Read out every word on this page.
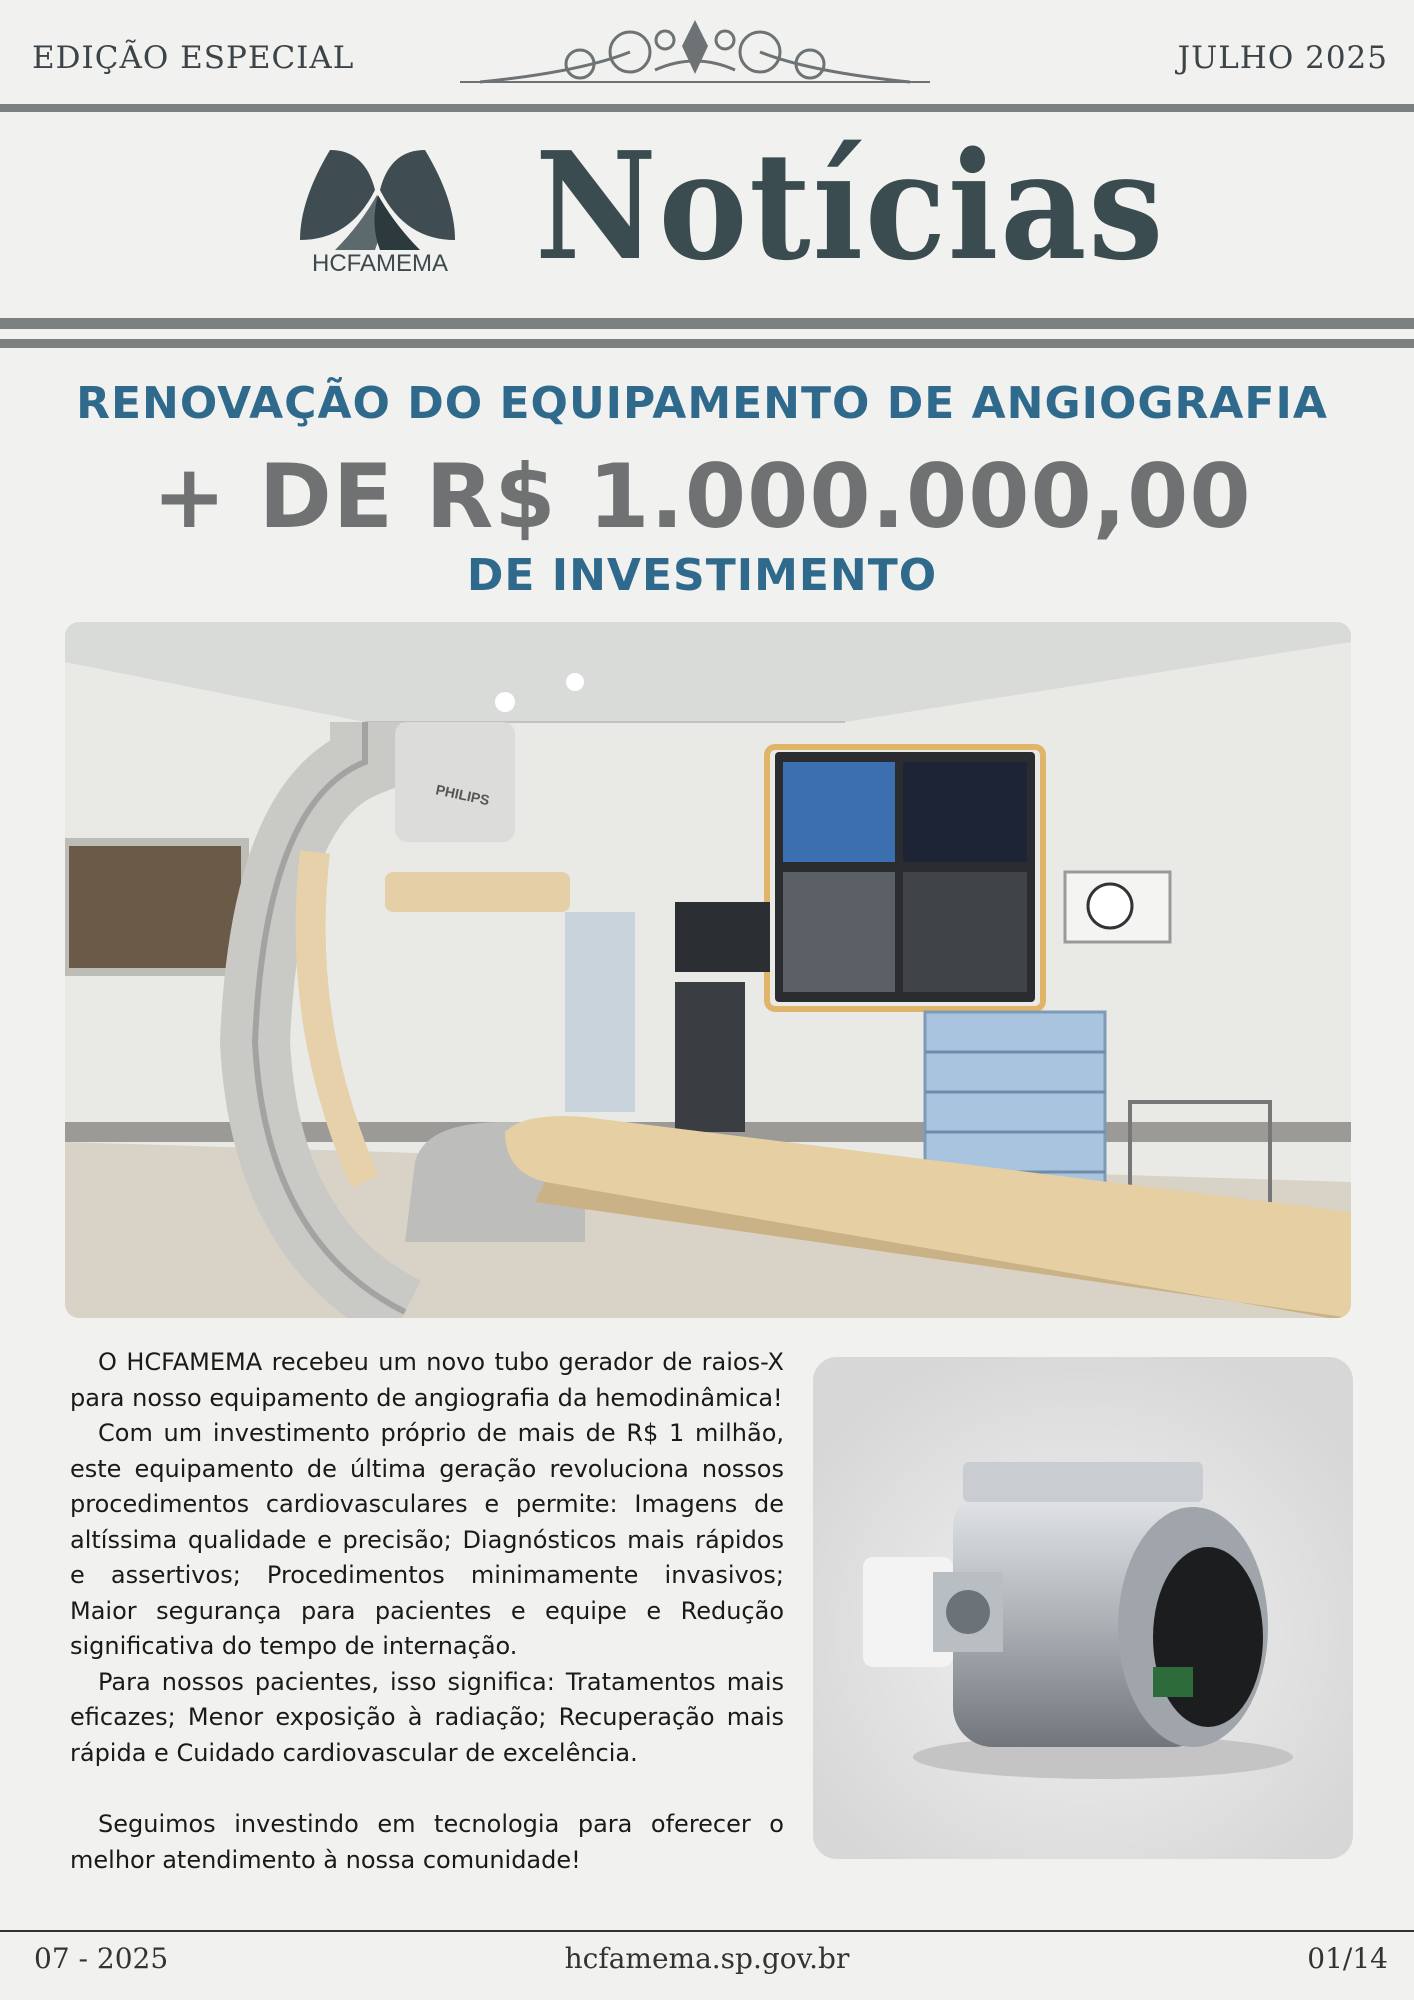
EDIÇÃO ESPECIAL	JULHO 2025
HCFAMEMA Notícias
RENOVAÇÃO DO EQUIPAMENTO DE ANGIOGRAFIA
+ DE R$ 1.000.000,00
DE INVESTIMENTO
PHILIPS

O HCFAMEMA recebeu um novo tubo gerador de raios-X para nosso equipamento de angiografia da hemodinâmica!

Com um investimento próprio de mais de R$ 1 milhão, este equipamento de última geração revoluciona nossos procedimentos cardiovasculares e permite: Imagens de altíssima qualidade e precisão; Diagnósticos mais rápidos e assertivos; Procedimentos minimamente invasivos; Maior segurança para pacientes e equipe e Redução significativa do tempo de internação.

Para nossos pacientes, isso significa: Tratamentos mais eficazes; Menor exposição à radiação; Recuperação mais rápida e Cuidado cardiovascular de excelência.

Seguimos investindo em tecnologia para oferecer o melhor atendimento à nossa comunidade!

07 - 2025	hcfamema.sp.gov.br	01/14
